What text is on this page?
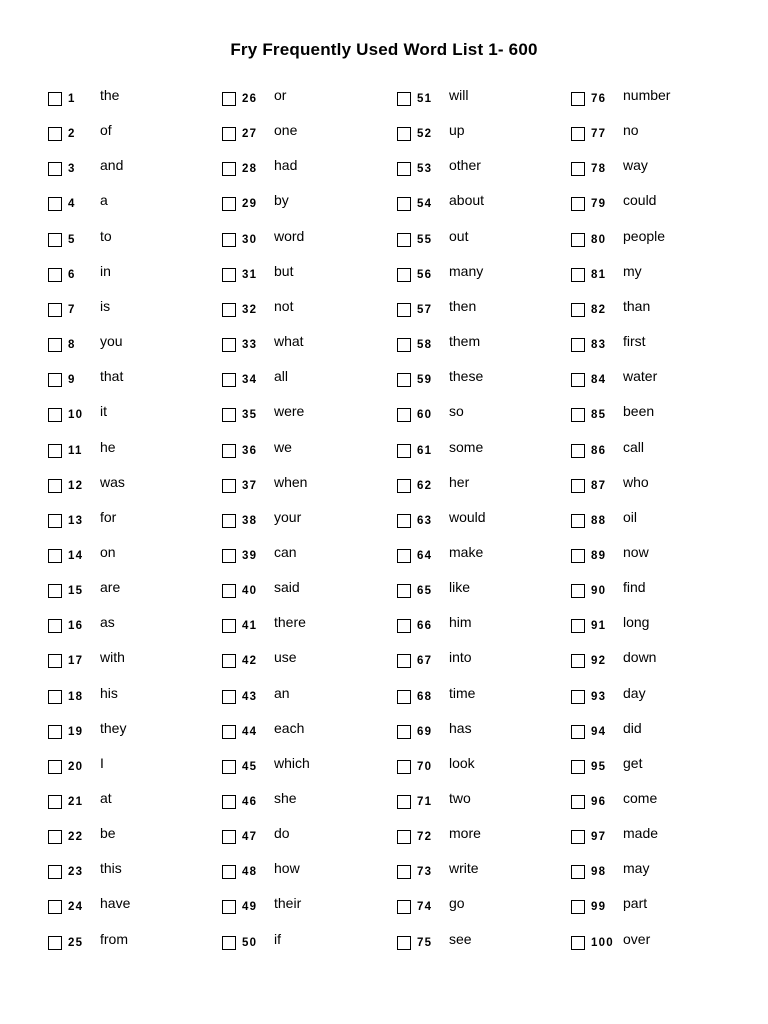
Fry Frequently Used Word List 1- 600
1 the
2 of
3 and
4 a
5 to
6 in
7 is
8 you
9 that
10 it
11 he
12 was
13 for
14 on
15 are
16 as
17 with
18 his
19 they
20 I
21 at
22 be
23 this
24 have
25 from
26 or
27 one
28 had
29 by
30 word
31 but
32 not
33 what
34 all
35 were
36 we
37 when
38 your
39 can
40 said
41 there
42 use
43 an
44 each
45 which
46 she
47 do
48 how
49 their
50 if
51 will
52 up
53 other
54 about
55 out
56 many
57 then
58 them
59 these
60 so
61 some
62 her
63 would
64 make
65 like
66 him
67 into
68 time
69 has
70 look
71 two
72 more
73 write
74 go
75 see
76 number
77 no
78 way
79 could
80 people
81 my
82 than
83 first
84 water
85 been
86 call
87 who
88 oil
89 now
90 find
91 long
92 down
93 day
94 did
95 get
96 come
97 made
98 may
99 part
100 over
